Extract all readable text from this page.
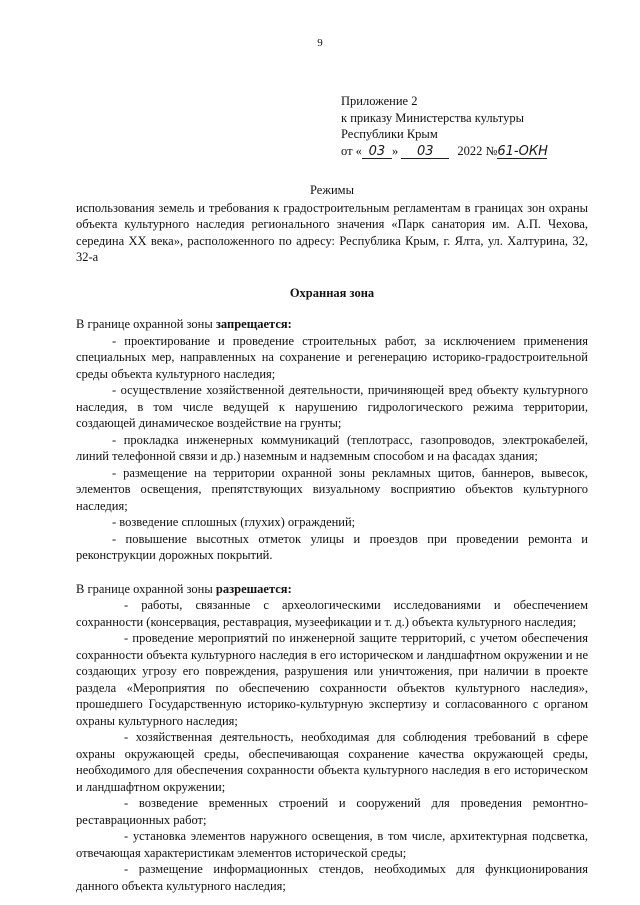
9
Приложение 2
к приказу Министерства культуры
Республики Крым
от « 03 » 03 2022 №61-ОКН

Режимы

использования земель и требования к градостроительным регламентам в границах зон охраны объекта культурного наследия регионального значения «Парк санатория им. А.П. Чехова, середина XX века», расположенного по адресу: Республика Крым, г. Ялта, ул. Халтурина, 32, 32-а

Охранная зона

В границе охранной зоны запрещается:

- проектирование и проведение строительных работ, за исключением применения специальных мер, направленных на сохранение и регенерацию историко-градостроительной среды объекта культурного наследия;

- осуществление хозяйственной деятельности, причиняющей вред объекту культурного наследия, в том числе ведущей к нарушению гидрологического режима территории, создающей динамическое воздействие на грунты;

- прокладка инженерных коммуникаций (теплотрасс, газопроводов, электрокабелей, линий телефонной связи и др.) наземным и надземным способом и на фасадах здания;

- размещение на территории охранной зоны рекламных щитов, баннеров, вывесок, элементов освещения, препятствующих визуальному восприятию объектов культурного наследия;

- возведение сплошных (глухих) ограждений;

- повышение высотных отметок улицы и проездов при проведении ремонта и реконструкции дорожных покрытий.

В границе охранной зоны разрешается:

- работы, связанные с археологическими исследованиями и обеспечением сохранности (консервация, реставрация, музеефикации и т. д.) объекта культурного наследия;

- проведение мероприятий по инженерной защите территорий, с учетом обеспечения сохранности объекта культурного наследия в его историческом и ландшафтном окружении и не создающих угрозу его повреждения, разрушения или уничтожения, при наличии в проекте раздела «Мероприятия по обеспечению сохранности объектов культурного наследия», прошедшего Государственную историко-культурную экспертизу и согласованного с органом охраны культурного наследия;

- хозяйственная деятельность, необходимая для соблюдения требований в сфере охраны окружающей среды, обеспечивающая сохранение качества окружающей среды, необходимого для обеспечения сохранности объекта культурного наследия в его историческом и ландшафтном окружении;

- возведение временных строений и сооружений для проведения ремонтно-реставрационных работ;

- установка элементов наружного освещения, в том числе, архитектурная подсветка, отвечающая характеристикам элементов исторической среды;

- размещение информационных стендов, необходимых для функционирования данного объекта культурного наследия;
